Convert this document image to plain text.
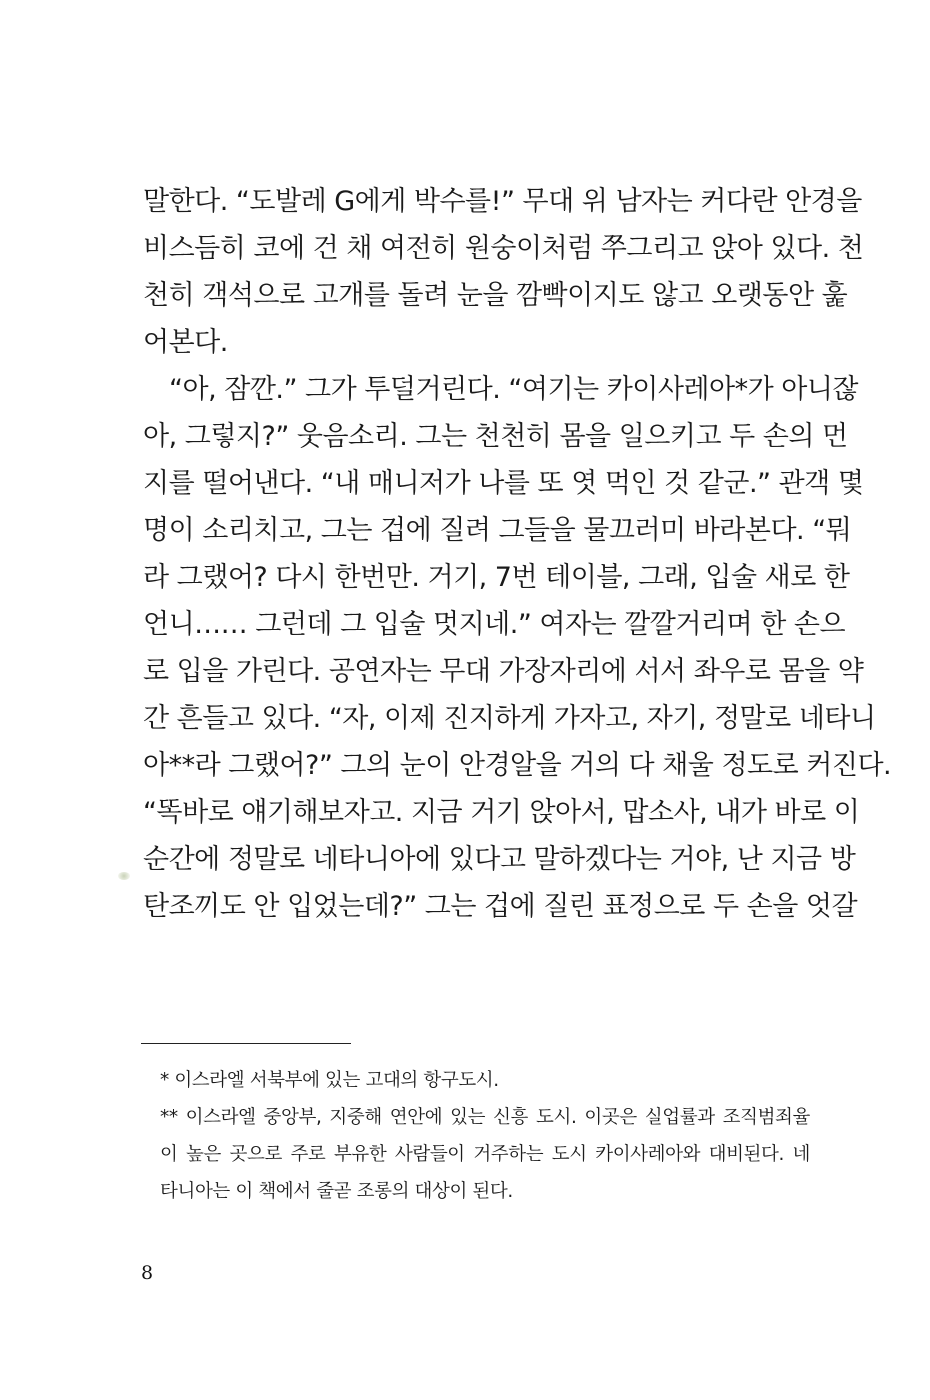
말한다. “도발레 G에게 박수를!” 무대 위 남자는 커다란 안경을
비스듬히 코에 건 채 여전히 원숭이처럼 쭈그리고 앉아 있다. 천
천히 객석으로 고개를 돌려 눈을 깜빡이지도 않고 오랫동안 훑
어본다.
“아, 잠깐.” 그가 투덜거린다. “여기는 카이사레아*가 아니잖
아, 그렇지?” 웃음소리. 그는 천천히 몸을 일으키고 두 손의 먼
지를 떨어낸다. “내 매니저가 나를 또 엿 먹인 것 같군.” 관객 몇
명이 소리치고, 그는 겁에 질려 그들을 물끄러미 바라본다. “뭐
라 그랬어? 다시 한번만. 거기, 7번 테이블, 그래, 입술 새로 한
언니…… 그런데 그 입술 멋지네.” 여자는 깔깔거리며 한 손으
로 입을 가린다. 공연자는 무대 가장자리에 서서 좌우로 몸을 약
간 흔들고 있다. “자, 이제 진지하게 가자고, 자기, 정말로 네타니
아**라 그랬어?” 그의 눈이 안경알을 거의 다 채울 정도로 커진다.
“똑바로 얘기해보자고. 지금 거기 앉아서, 맙소사, 내가 바로 이
순간에 정말로 네타니아에 있다고 말하겠다는 거야, 난 지금 방
탄조끼도 안 입었는데?” 그는 겁에 질린 표정으로 두 손을 엇갈
* 이스라엘 서북부에 있는 고대의 항구도시.
** 이스라엘 중앙부, 지중해 연안에 있는 신흥 도시. 이곳은 실업률과 조직범죄율
이 높은 곳으로 주로 부유한 사람들이 거주하는 도시 카이사레아와 대비된다. 네
타니아는 이 책에서 줄곧 조롱의 대상이 된다.
8
